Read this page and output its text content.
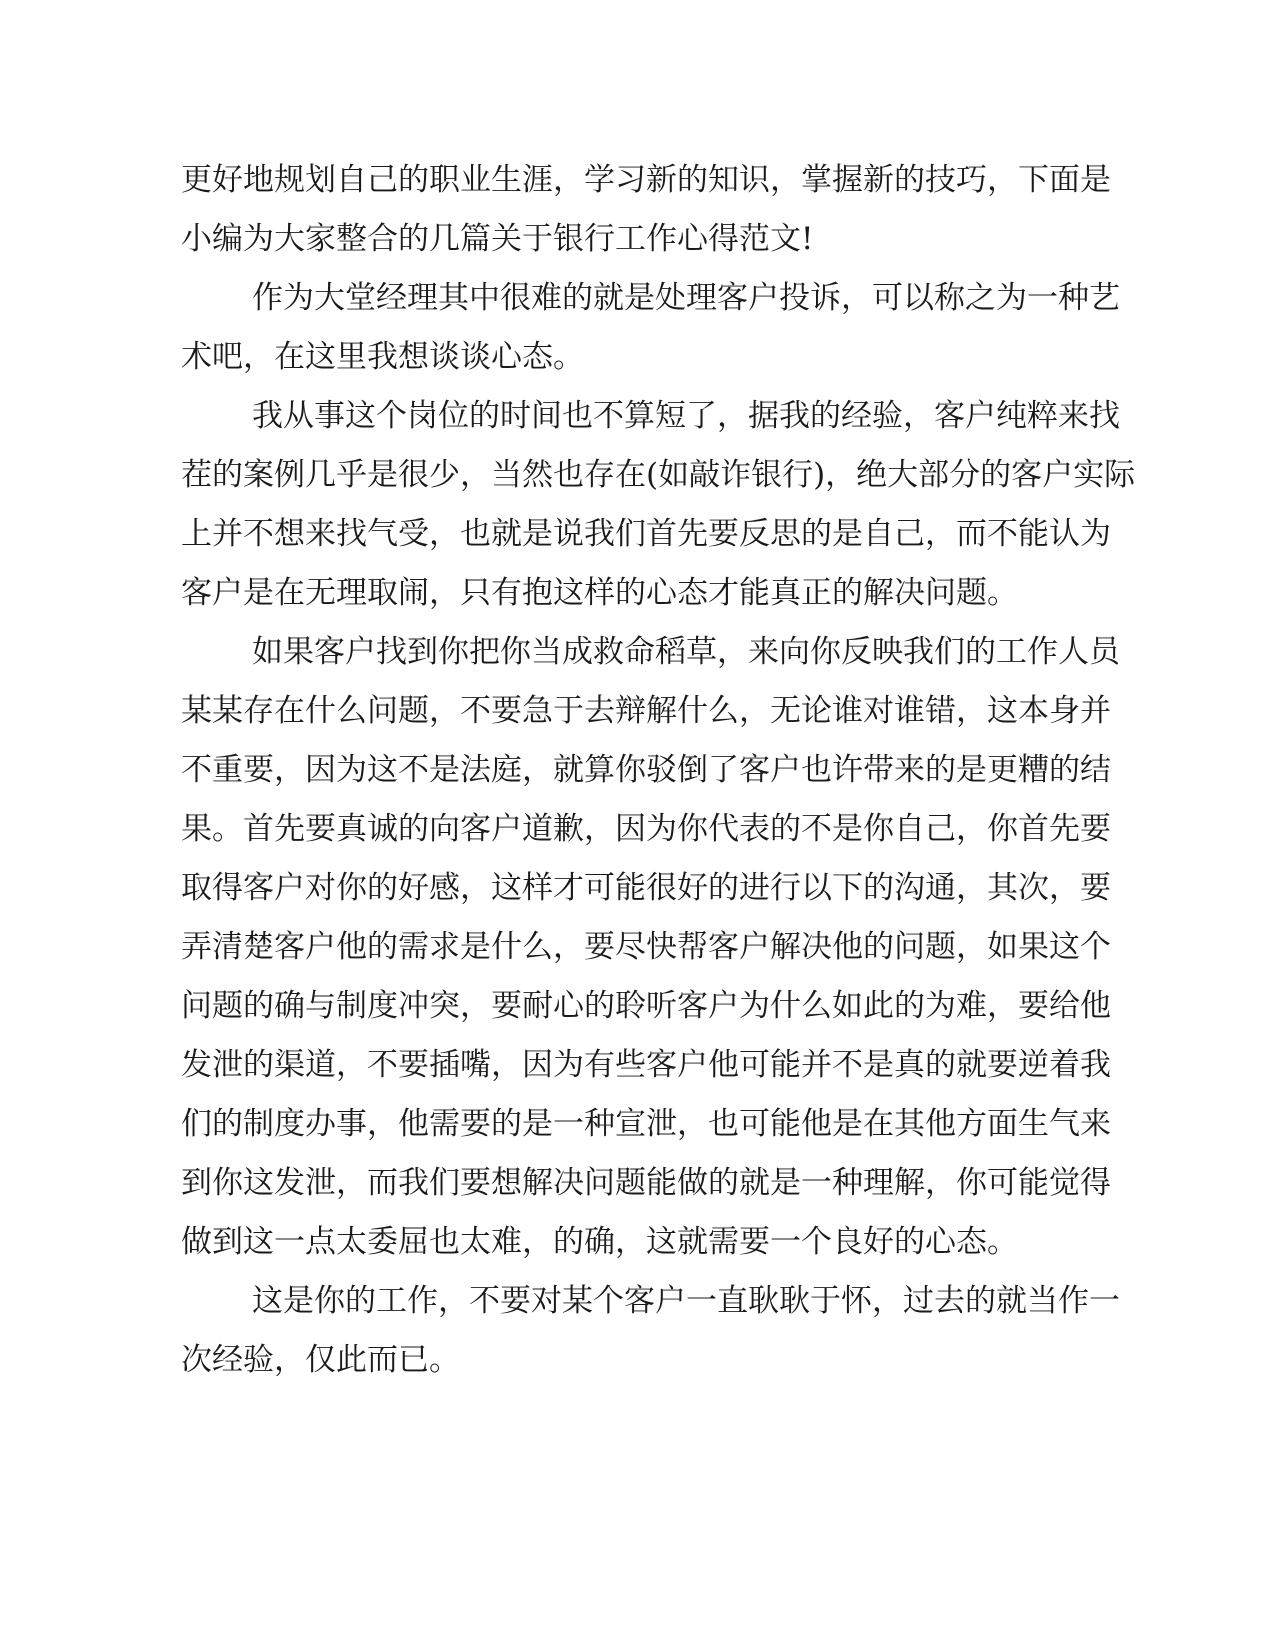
更好地规划自己的职业生涯，学习新的知识，掌握新的技巧，下面是
小编为大家整合的几篇关于银行工作心得范文!
作为大堂经理其中很难的就是处理客户投诉，可以称之为一种艺
术吧，在这里我想谈谈心态。
我从事这个岗位的时间也不算短了，据我的经验，客户纯粹来找
茬的案例几乎是很少，当然也存在(如敲诈银行)，绝大部分的客户实际
上并不想来找气受，也就是说我们首先要反思的是自己，而不能认为
客户是在无理取闹，只有抱这样的心态才能真正的解决问题。
如果客户找到你把你当成救命稻草，来向你反映我们的工作人员
某某存在什么问题，不要急于去辩解什么，无论谁对谁错，这本身并
不重要，因为这不是法庭，就算你驳倒了客户也许带来的是更糟的结
果。首先要真诚的向客户道歉，因为你代表的不是你自己，你首先要
取得客户对你的好感，这样才可能很好的进行以下的沟通，其次，要
弄清楚客户他的需求是什么，要尽快帮客户解决他的问题，如果这个
问题的确与制度冲突，要耐心的聆听客户为什么如此的为难，要给他
发泄的渠道，不要插嘴，因为有些客户他可能并不是真的就要逆着我
们的制度办事，他需要的是一种宣泄，也可能他是在其他方面生气来
到你这发泄，而我们要想解决问题能做的就是一种理解，你可能觉得
做到这一点太委屈也太难，的确，这就需要一个良好的心态。
这是你的工作，不要对某个客户一直耿耿于怀，过去的就当作一
次经验，仅此而已。
